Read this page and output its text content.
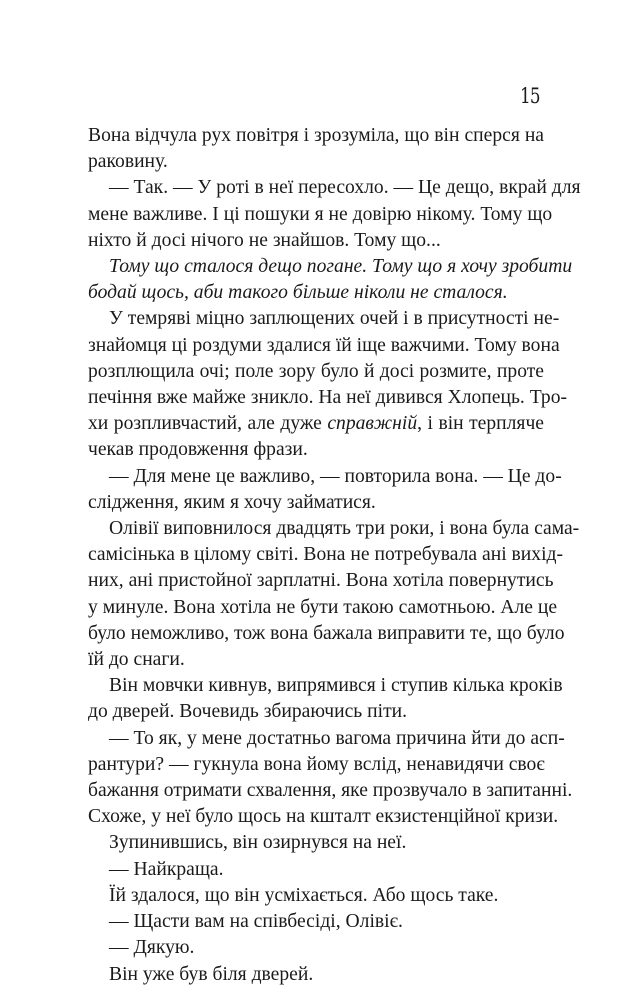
15
Вона відчула рух повітря і зрозуміла, що він сперся на
раковину.
— Так. — У роті в неї пересохло. — Це дещо, вкрай для
мене важливе. І ці пошуки я не довірю нікому. Тому що
ніхто й досі нічого не знайшов. Тому що...
Тому що сталося дещо погане. Тому що я хочу зробити
бодай щось, аби такого більше ніколи не сталося.
У темряві міцно заплющених очей і в присутності не-
знайомця ці роздуми здалися їй іще важчими. Тому вона
розплющила очі; поле зору було й досі розмите, проте
печіння вже майже зникло. На неї дивився Хлопець. Тро-
хи розпливчастий, але дуже справжній, і він терпляче
чекав продовження фрази.
— Для мене це важливо, — повторила вона. — Це до-
слідження, яким я хочу займатися.
Олівії виповнилося двадцять три роки, і вона була сама-
самісінька в цілому світі. Вона не потребувала ані вихід-
них, ані пристойної зарплатні. Вона хотіла повернутись
у минуле. Вона хотіла не бути такою самотньою. Але це
було неможливо, тож вона бажала виправити те, що було
їй до снаги.
Він мовчки кивнув, випрямився і ступив кілька кроків
до дверей. Вочевидь збираючись піти.
— То як, у мене достатньо вагома причина йти до асп-
рантури? — гукнула вона йому вслід, ненавидячи своє
бажання отримати схвалення, яке прозвучало в запитанні.
Схоже, у неї було щось на кшталт екзистенційної кризи.
Зупинившись, він озирнувся на неї.
— Найкраща.
Їй здалося, що він усміхається. Або щось таке.
— Щасти вам на співбесіді, Олівіє.
— Дякую.
Він уже був біля дверей.
